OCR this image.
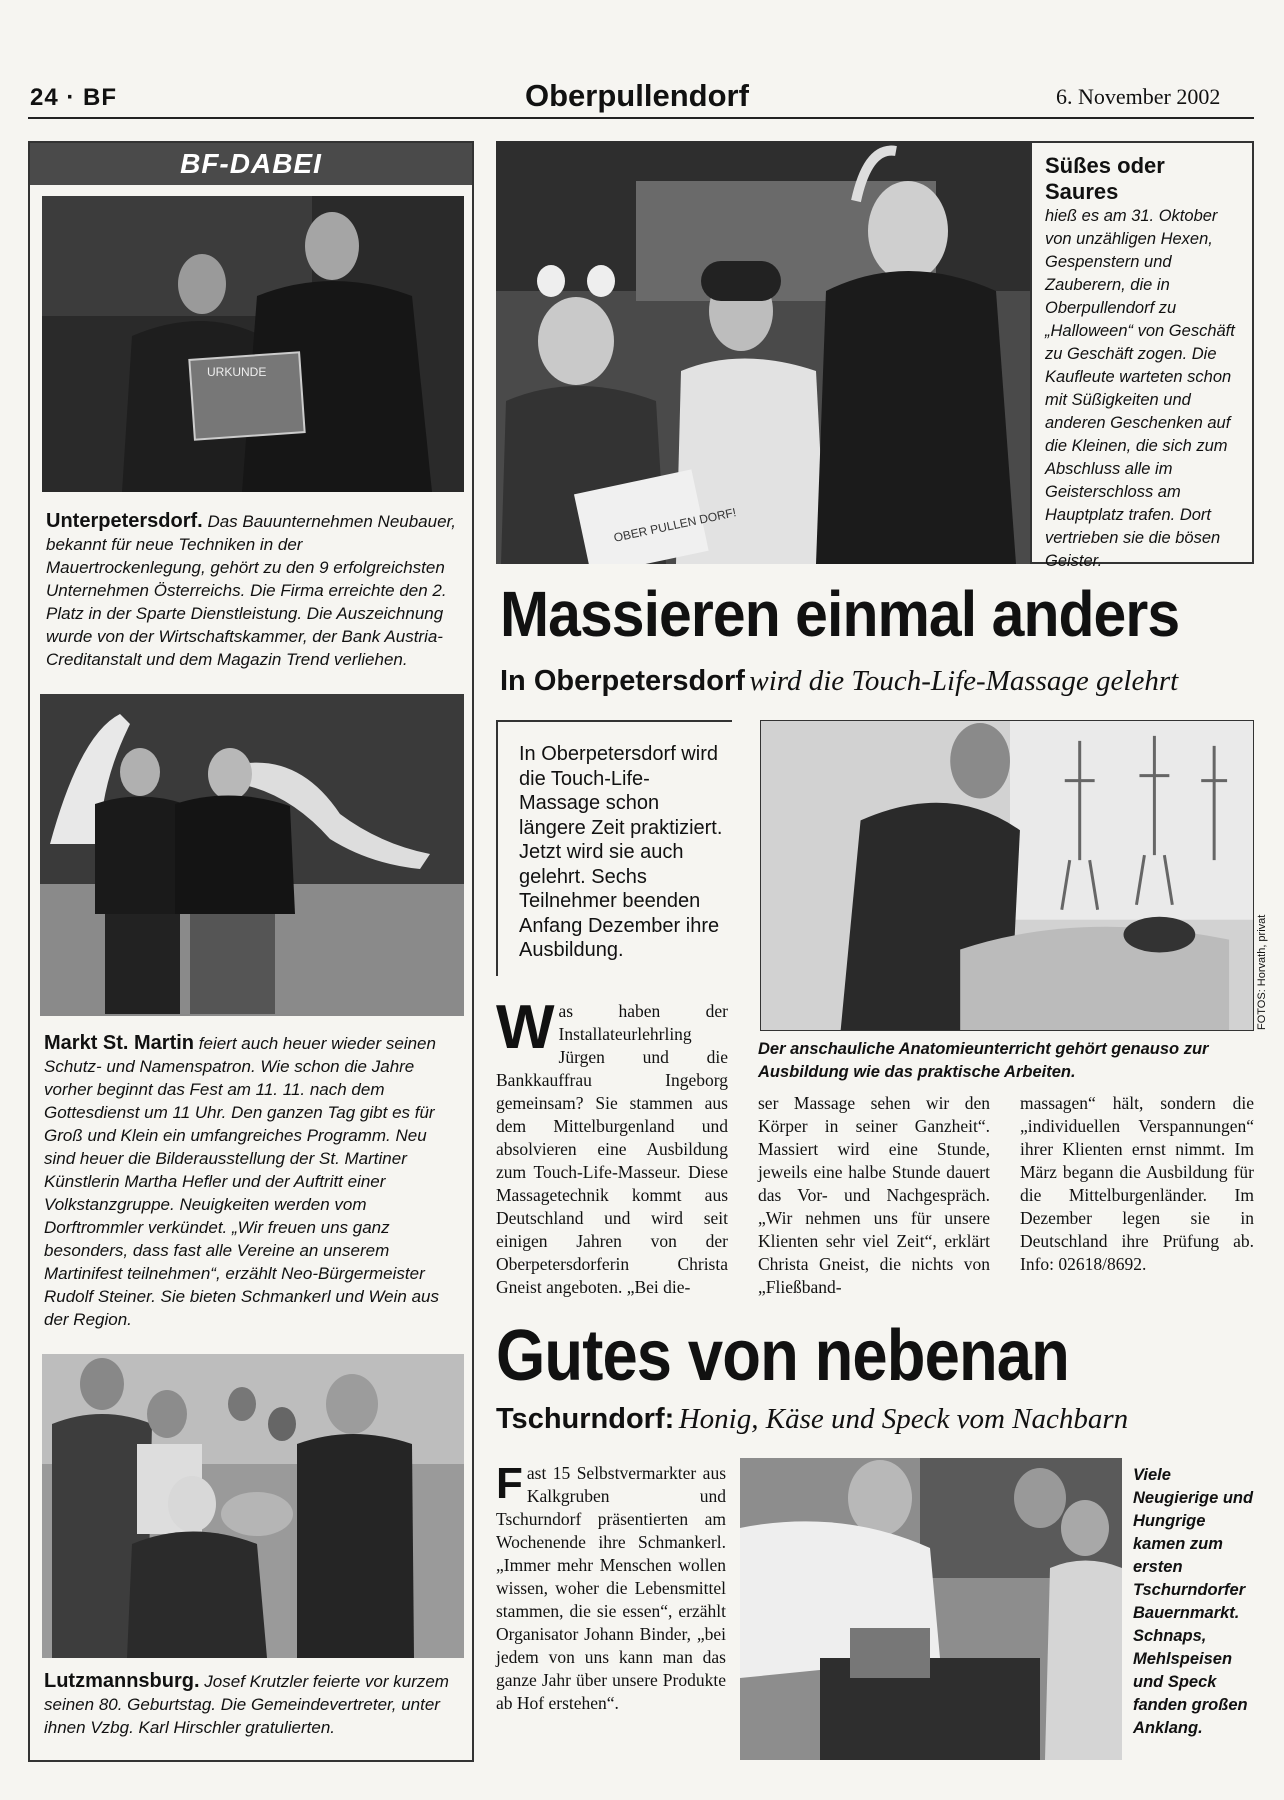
24 · BF	Oberpullendorf	6. November 2002
BF-DABEI
URKUNDE
Unterpetersdorf. Das Bauunternehmen Neubauer, bekannt für neue Techniken in der Mauertrockenlegung, gehört zu den 9 erfolgreichsten Unternehmen Österreichs. Die Firma erreichte den 2. Platz in der Sparte Dienstleistung. Die Auszeichnung wurde von der Wirtschaftskammer, der Bank Austria-Creditanstalt und dem Magazin Trend verliehen.
Markt St. Martin feiert auch heuer wieder seinen Schutz- und Namenspatron. Wie schon die Jahre vorher beginnt das Fest am 11. 11. nach dem Gottesdienst um 11 Uhr. Den ganzen Tag gibt es für Groß und Klein ein umfangreiches Programm. Neu sind heuer die Bilderausstellung der St. Martiner Künstlerin Martha Hefler und der Auftritt einer Volkstanzgruppe. Neuigkeiten werden vom Dorftrommler verkündet. „Wir freuen uns ganz besonders, dass fast alle Vereine an unserem Martinifest teilnehmen“, erzählt Neo-Bürgermeister Rudolf Steiner. Sie bieten Schmankerl und Wein aus der Region.
Lutzmannsburg. Josef Krutzler feierte vor kurzem seinen 80. Geburtstag. Die Gemeindevertreter, unter ihnen Vzbg. Karl Hirschler gratulierten.
OBER PULLEN DORF!
Süßes oder Saures
hieß es am 31. Oktober von unzähligen Hexen, Gespenstern und Zauberern, die in Oberpullendorf zu „Halloween“ von Geschäft zu Geschäft zogen. Die Kaufleute warteten schon mit Süßigkeiten und anderen Geschenken auf die Kleinen, die sich zum Abschluss alle im Geisterschloss am Hauptplatz trafen. Dort vertrieben sie die bösen Geister.
Massieren einmal anders
In Oberpetersdorf wird die Touch-Life-Massage gelehrt
In Oberpetersdorf wird die Touch-Life-Massage schon längere Zeit praktiziert. Jetzt wird sie auch gelehrt. Sechs Teilnehmer beenden Anfang Dezember ihre Ausbildung.	FOTOS: Horvath, privat
Der anschauliche Anatomieunterricht gehört genauso zur Ausbildung wie das praktische Arbeiten.
Was haben der Installateurlehrling Jürgen und die Bankkauffrau Ingeborg gemeinsam? Sie stammen aus dem Mittelburgenland und absolvieren eine Ausbildung zum Touch-Life-Masseur. Diese Massagetechnik kommt aus Deutschland und wird seit einigen Jahren von der Oberpetersdorferin Christa Gneist angeboten. „Bei die-
ser Massage sehen wir den Körper in seiner Ganzheit“. Massiert wird eine Stunde, jeweils eine halbe Stunde dauert das Vor- und Nachgespräch. „Wir nehmen uns für unsere Klienten sehr viel Zeit“, erklärt Christa Gneist, die nichts von „Fließband-
massagen“ hält, sondern die „individuellen Verspannungen“ ihrer Klienten ernst nimmt. Im März begann die Ausbildung für die Mittelburgenländer. Im Dezember legen sie in Deutschland ihre Prüfung ab. Info: 02618/8692.
Gutes von nebenan
Tschurndorf: Honig, Käse und Speck vom Nachbarn
Fast 15 Selbstvermarkter aus Kalkgruben und Tschurndorf präsentierten am Wochenende ihre Schmankerl. „Immer mehr Menschen wollen wissen, woher die Lebensmittel stammen, die sie essen“, erzählt Organisator Johann Binder, „bei jedem von uns kann man das ganze Jahr über unsere Produkte ab Hof erstehen“.
Viele Neugierige und Hungrige kamen zum ersten Tschurndorfer Bauernmarkt. Schnaps, Mehlspeisen und Speck fanden großen Anklang.
